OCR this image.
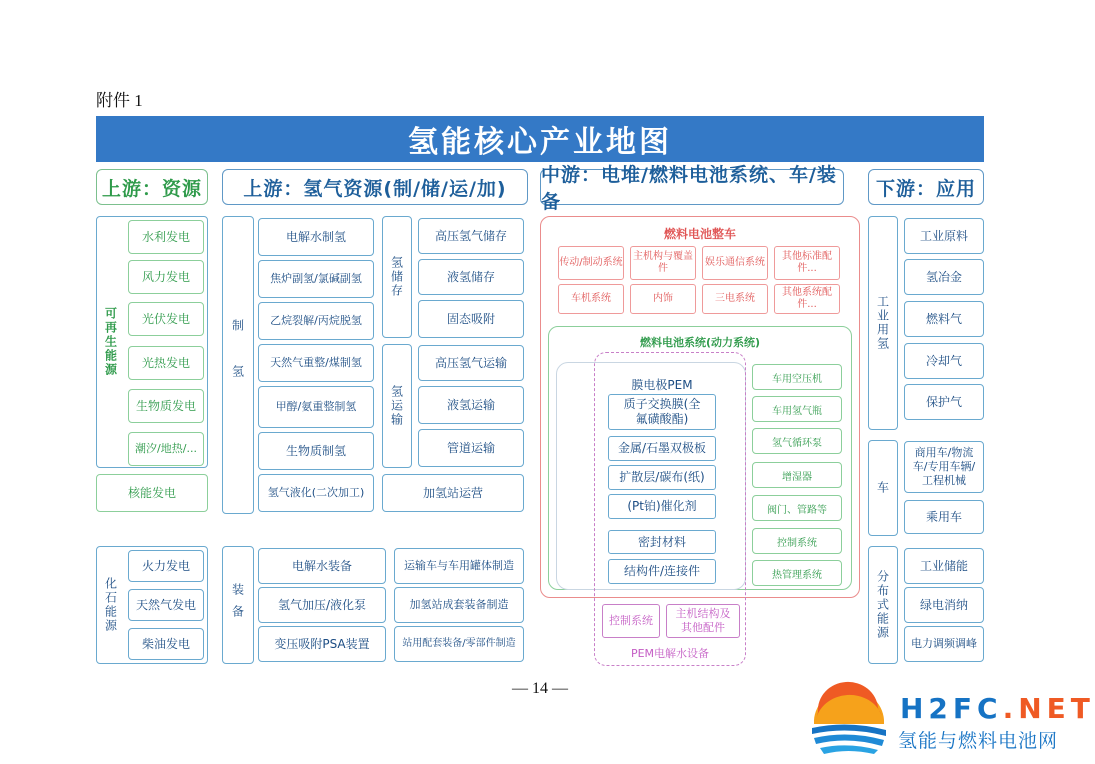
附件 1
氢能核心产业地图
上游：资源	上游：氢气资源(制/储/运/加)
中游：电堆/燃料电池系统、车/装备
下游：应用
可再生能源
水利发电
风力发电
光伏发电
光热发电
生物质发电
潮汐/地热/...
核能发电
化石能源
火力发电
天然气发电
柴油发电
制氢
电解水制氢
焦炉副氢/氯碱副氢
乙烷裂解/丙烷脱氢
天然气重整/煤制氢
甲醇/氨重整制氢
生物质制氢
氢气液化(二次加工)
氢储存
高压氢气储存
液氢储存
固态吸附
氢运输
高压氢气运输
液氢运输
管道运输
加氢站运营
装备
电解水装备
氢气加压/液化泵
变压吸附PSA装置
运输车与车用罐体制造
加氢站成套装备制造
站用配套装备/零部件制造
燃料电池整车
传动/制动系统
主机构与覆盖件
娱乐通信系统
其他标准配件...
车机系统	内饰	三电系统
其他系统配件...
燃料电池系统(动力系统)
膜电极PEM
质子交换膜(全氟磺酸酯)
金属/石墨双极板
扩散层/碳布(纸)
(Pt铂)催化剂
密封材料
结构件/连接件
车用空压机
车用氢气瓶
氢气循环泵
增湿器
阀门、管路等
控制系统
热管理系统
控制系统
主机结构及其他配件
PEM电解水设备
工业用氢
工业原料
氢冶金
燃料气
冷却气
保护气
车
商用车/物流车/专用车辆/工程机械
乘用车
分布式能源
工业储能
绿电消纳
电力调频调峰
— 14 —
H2FC.NET
氢能与燃料电池网
